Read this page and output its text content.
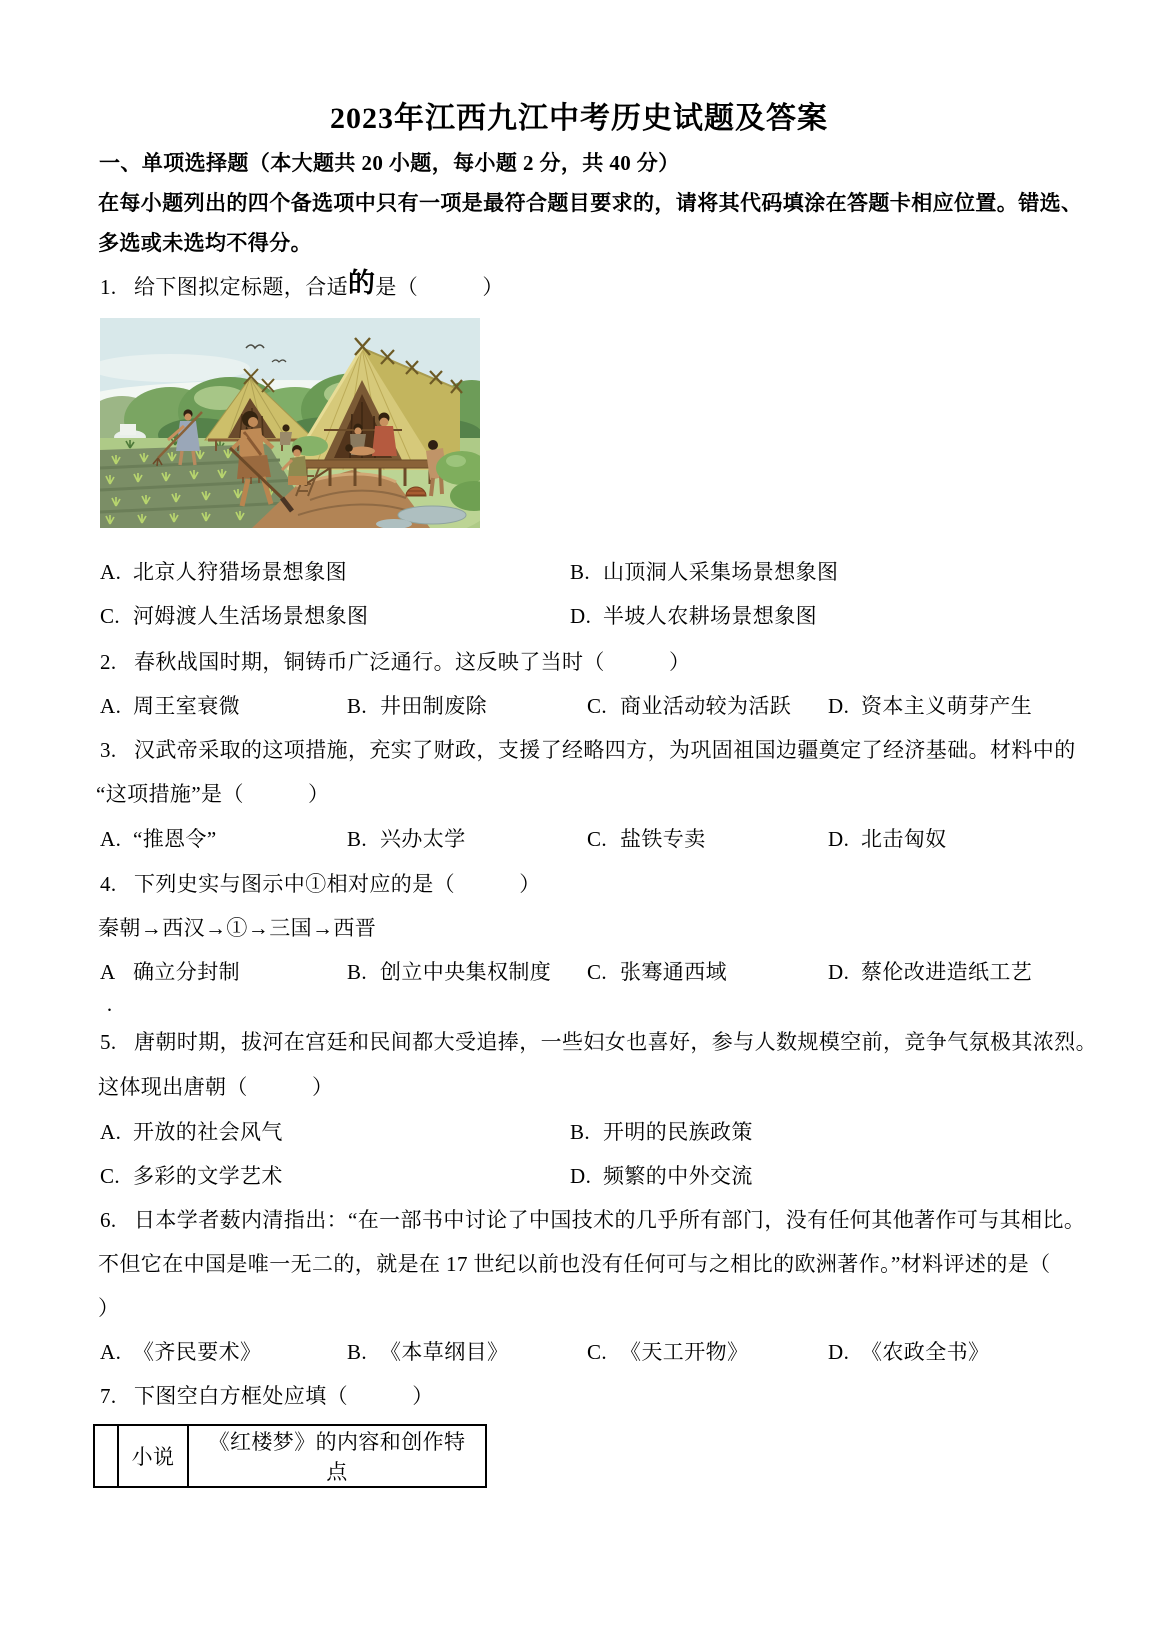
2023年江西九江中考历史试题及答案
一、单项选择题（本大题共 20 小题，每小题 2 分，共 40 分）
在每小题列出的四个备选项中只有一项是最符合题目要求的，请将其代码填涂在答题卡相应位置。错选、
多选或未选均不得分。
1. 给下图拟定标题，合适的是（　　　）
A. 北京人狩猎场景想象图	B. 山顶洞人采集场景想象图
C. 河姆渡人生活场景想象图	D. 半坡人农耕场景想象图
2. 春秋战国时期，铜铸币广泛通行。这反映了当时（　　　）
A. 周王室衰微	B. 井田制废除	C. 商业活动较为活跃 D. 资本主义萌芽产生
3. 汉武帝采取的这项措施，充实了财政，支援了经略四方，为巩固祖国边疆奠定了经济基础。材料中的
“这项措施”是（　　　）
A. “推恩令”	B. 兴办太学	C. 盐铁专卖	D. 北击匈奴
4. 下列史实与图示中①相对应的是（　　　）
秦朝→西汉→①→三国→西晋
A 确立分封制	B. 创立中央集权制度 C. 张骞通西域	D. 蔡伦改进造纸工艺
·
5. 唐朝时期，拔河在宫廷和民间都大受追捧，一些妇女也喜好，参与人数规模空前，竞争气氛极其浓烈。
这体现出唐朝（　　　）
A. 开放的社会风气	B. 开明的民族政策
C. 多彩的文学艺术	D. 频繁的中外交流
6. 日本学者薮内清指出：“在一部书中讨论了中国技术的几乎所有部门，没有任何其他著作可与其相比。
不但它在中国是唯一无二的，就是在 17 世纪以前也没有任何可与之相比的欧洲著作。”材料评述的是（
）
A. 《齐民要术》	B. 《本草纲目》	C. 《天工开物》	D. 《农政全书》
7. 下图空白方框处应填（　　　）
	小说	《红楼梦》的内容和创作特点
